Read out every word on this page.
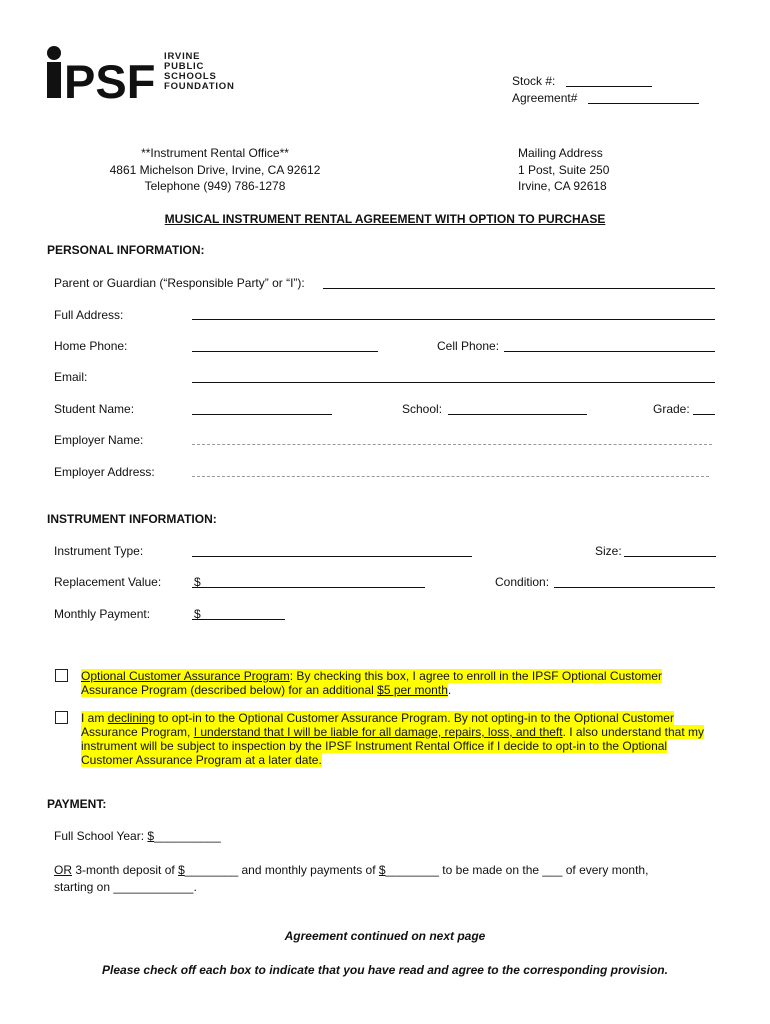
PSF IRVINE
PUBLIC
SCHOOLS
FOUNDATION	Stock #:
Agreement#
**Instrument Rental Office**
4861 Michelson Drive, Irvine, CA 92612
Telephone (949) 786-1278
Mailing Address
1 Post, Suite 250
Irvine, CA 92618
MUSICAL INSTRUMENT RENTAL AGREEMENT WITH OPTION TO PURCHASE
PERSONAL INFORMATION:
Parent or Guardian (“Responsible Party” or “I”):
Full Address:
Home Phone:	Cell Phone:
Email:
Student Name:	School:	Grade:
Employer Name:
Employer Address:
INSTRUMENT INFORMATION:
Instrument Type:	Size:
Replacement Value:	$	Condition:
Monthly Payment:	$
Optional Customer Assurance Program: By checking this box, I agree to enroll in the IPSF Optional Customer Assurance Program (described below) for an additional $5 per month.
I am declining to opt-in to the Optional Customer Assurance Program. By not opting-in to the Optional Customer Assurance Program, I understand that I will be liable for all damage, repairs, loss, and theft. I also understand that my instrument will be subject to inspection by the IPSF Instrument Rental Office if I decide to opt-in to the Optional Customer Assurance Program at a later date.
PAYMENT:
Full School Year: $__________
OR 3-month deposit of $________ and monthly payments of $________ to be made on the ___ of every month,
starting on ____________.
Agreement continued on next page
Please check off each box to indicate that you have read and agree to the corresponding provision.
